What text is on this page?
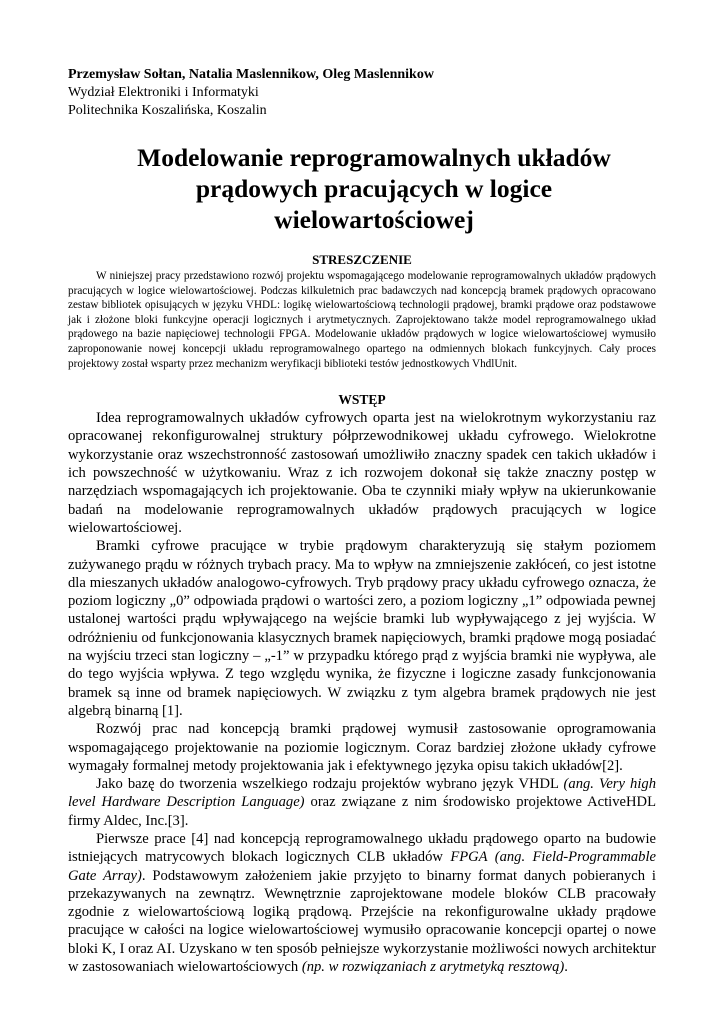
Przemysław Sołtan, Natalia Maslennikow, Oleg Maslennikow

Wydział Elektroniki i Informatyki

Politechnika Koszalińska, Koszalin

Modelowanie reprogramowalnych układów
prądowych pracujących w logice
wielowartościowej
STRESZCZENIE

W niniejszej pracy przedstawiono rozwój projektu wspomagającego modelowanie reprogramowalnych układów prądowych pracujących w logice wielowartościowej. Podczas kilkuletnich prac badawczych nad koncepcją bramek prądowych opracowano zestaw bibliotek opisujących w języku VHDL: logikę wielowartościową technologii prądowej, bramki prądowe oraz podstawowe jak i złożone bloki funkcyjne operacji logicznych i arytmetycznych. Zaprojektowano także model reprogramowalnego układ prądowego na bazie napięciowej technologii FPGA. Modelowanie układów prądowych w logice wielowartościowej wymusiło zaproponowanie nowej koncepcji układu reprogramowalnego opartego na odmiennych blokach funkcyjnych. Cały proces projektowy został wsparty przez mechanizm weryfikacji biblioteki testów jednostkowych VhdlUnit.

WSTĘP

Idea reprogramowalnych układów cyfrowych oparta jest na wielokrotnym wykorzystaniu raz opracowanej rekonfigurowalnej struktury półprzewodnikowej układu cyfrowego. Wielokrotne wykorzystanie oraz wszechstronność zastosowań umożliwiło znaczny spadek cen takich układów i ich powszechność w użytkowaniu. Wraz z ich rozwojem dokonał się także znaczny postęp w narzędziach wspomagających ich projektowanie. Oba te czynniki miały wpływ na ukierunkowanie badań na modelowanie reprogramowalnych układów prądowych pracujących w logice wielowartościowej.

Bramki cyfrowe pracujące w trybie prądowym charakteryzują się stałym poziomem zużywanego prądu w różnych trybach pracy. Ma to wpływ na zmniejszenie zakłóceń, co jest istotne dla mieszanych układów analogowo-cyfrowych. Tryb prądowy pracy układu cyfrowego oznacza, że poziom logiczny „0” odpowiada prądowi o wartości zero, a poziom logiczny „1” odpowiada pewnej ustalonej wartości prądu wpływającego na wejście bramki lub wypływającego z jej wyjścia. W odróżnieniu od funkcjonowania klasycznych bramek napięciowych, bramki prądowe mogą posiadać na wyjściu trzeci stan logiczny – „-1” w przypadku którego prąd z wyjścia bramki nie wypływa, ale do tego wyjścia wpływa. Z tego względu wynika, że fizyczne i logiczne zasady funkcjonowania bramek są inne od bramek napięciowych. W związku z tym algebra bramek prądowych nie jest algebrą binarną [1].

Rozwój prac nad koncepcją bramki prądowej wymusił zastosowanie oprogramowania wspomagającego projektowanie na poziomie logicznym. Coraz bardziej złożone układy cyfrowe wymagały formalnej metody projektowania jak i efektywnego języka opisu takich układów[2].

Jako bazę do tworzenia wszelkiego rodzaju projektów wybrano język VHDL (ang. Very high level Hardware Description Language) oraz związane z nim środowisko projektowe ActiveHDL firmy Aldec, Inc.[3].

Pierwsze prace [4] nad koncepcją reprogramowalnego układu prądowego oparto na budowie istniejących matrycowych blokach logicznych CLB układów FPGA (ang. Field-Programmable Gate Array). Podstawowym założeniem jakie przyjęto to binarny format danych pobieranych i przekazywanych na zewnątrz. Wewnętrznie zaprojektowane modele bloków CLB pracowały zgodnie z wielowartościową logiką prądową. Przejście na rekonfigurowalne układy prądowe pracujące w całości na logice wielowartościowej wymusiło opracowanie koncepcji opartej o nowe bloki K, I oraz AI. Uzyskano w ten sposób pełniejsze wykorzystanie możliwości nowych architektur w zastosowaniach wielowartościowych (np. w rozwiązaniach z arytmetyką resztową).
